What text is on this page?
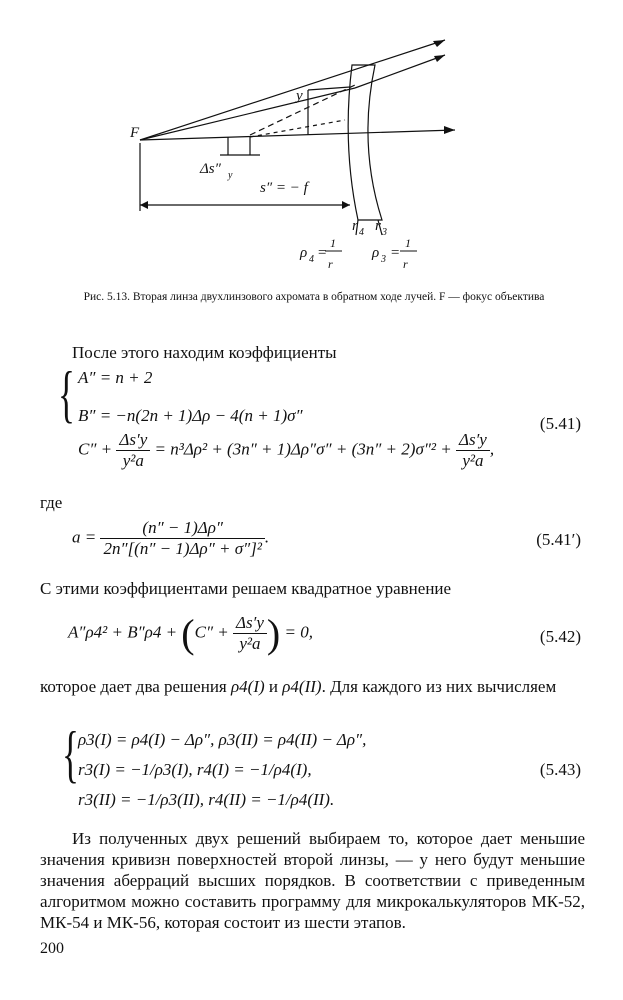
F
y
Δs″ y
s″ = − f
r 4 r 3
ρ 4 =
1
r
ρ 3 =
1
r
Рис. 5.13. Вторая линза двухлинзового ахромата в обратном ходе лучей. F — фокус объектива
После этого находим коэффициенты
{ A″ = n + 2
B″ = −n(2n + 1)Δρ − 4(n + 1)σ″
$C'' + \frac{\Delta s'y}{\text{y²a}} = n^3\Delta\rho^2 + (3n'' + 1)\Delta\rho''\sigma'' + (3n'' + 2)\sigma''^2 + \frac{\Delta s'y}{\text{y²a}}$ ,
(5.41)
где
$a = \frac{(n'' - 1)\Delta\rho''}{\text{2n″[(n″ − 1)Δρ″ + σ″]²}}$ .	(5.41′)
С этими коэффициентами решаем квадратное уравнение
$A''\rho 4^2 + B''\rho 4 + (C'' + \frac{\Delta s'y}{\text{y²a}}$ ) = 0,	(5.42)
которое дает два решения ρ4(I) и ρ4(II). Для каждого из них вычисляем
{ ρ3(I) = ρ4(I) − Δρ″, ρ3(II) = ρ4(II) − Δρ″,
r3(I) = −1/ρ3(I), r4(I) = −1/ρ4(I),
r3(II) = −1/ρ3(II), r4(II) = −1/ρ4(II).
(5.43)
Из полученных двух решений выбираем то, которое дает меньшие значения кривизн поверхностей второй линзы, — у него будут меньшие значения аберраций высших порядков. В соответствии с приведенным алгоритмом можно составить программу для микрокалькуляторов МК-52, МК-54 и МК-56, которая состоит из шести этапов.
200
